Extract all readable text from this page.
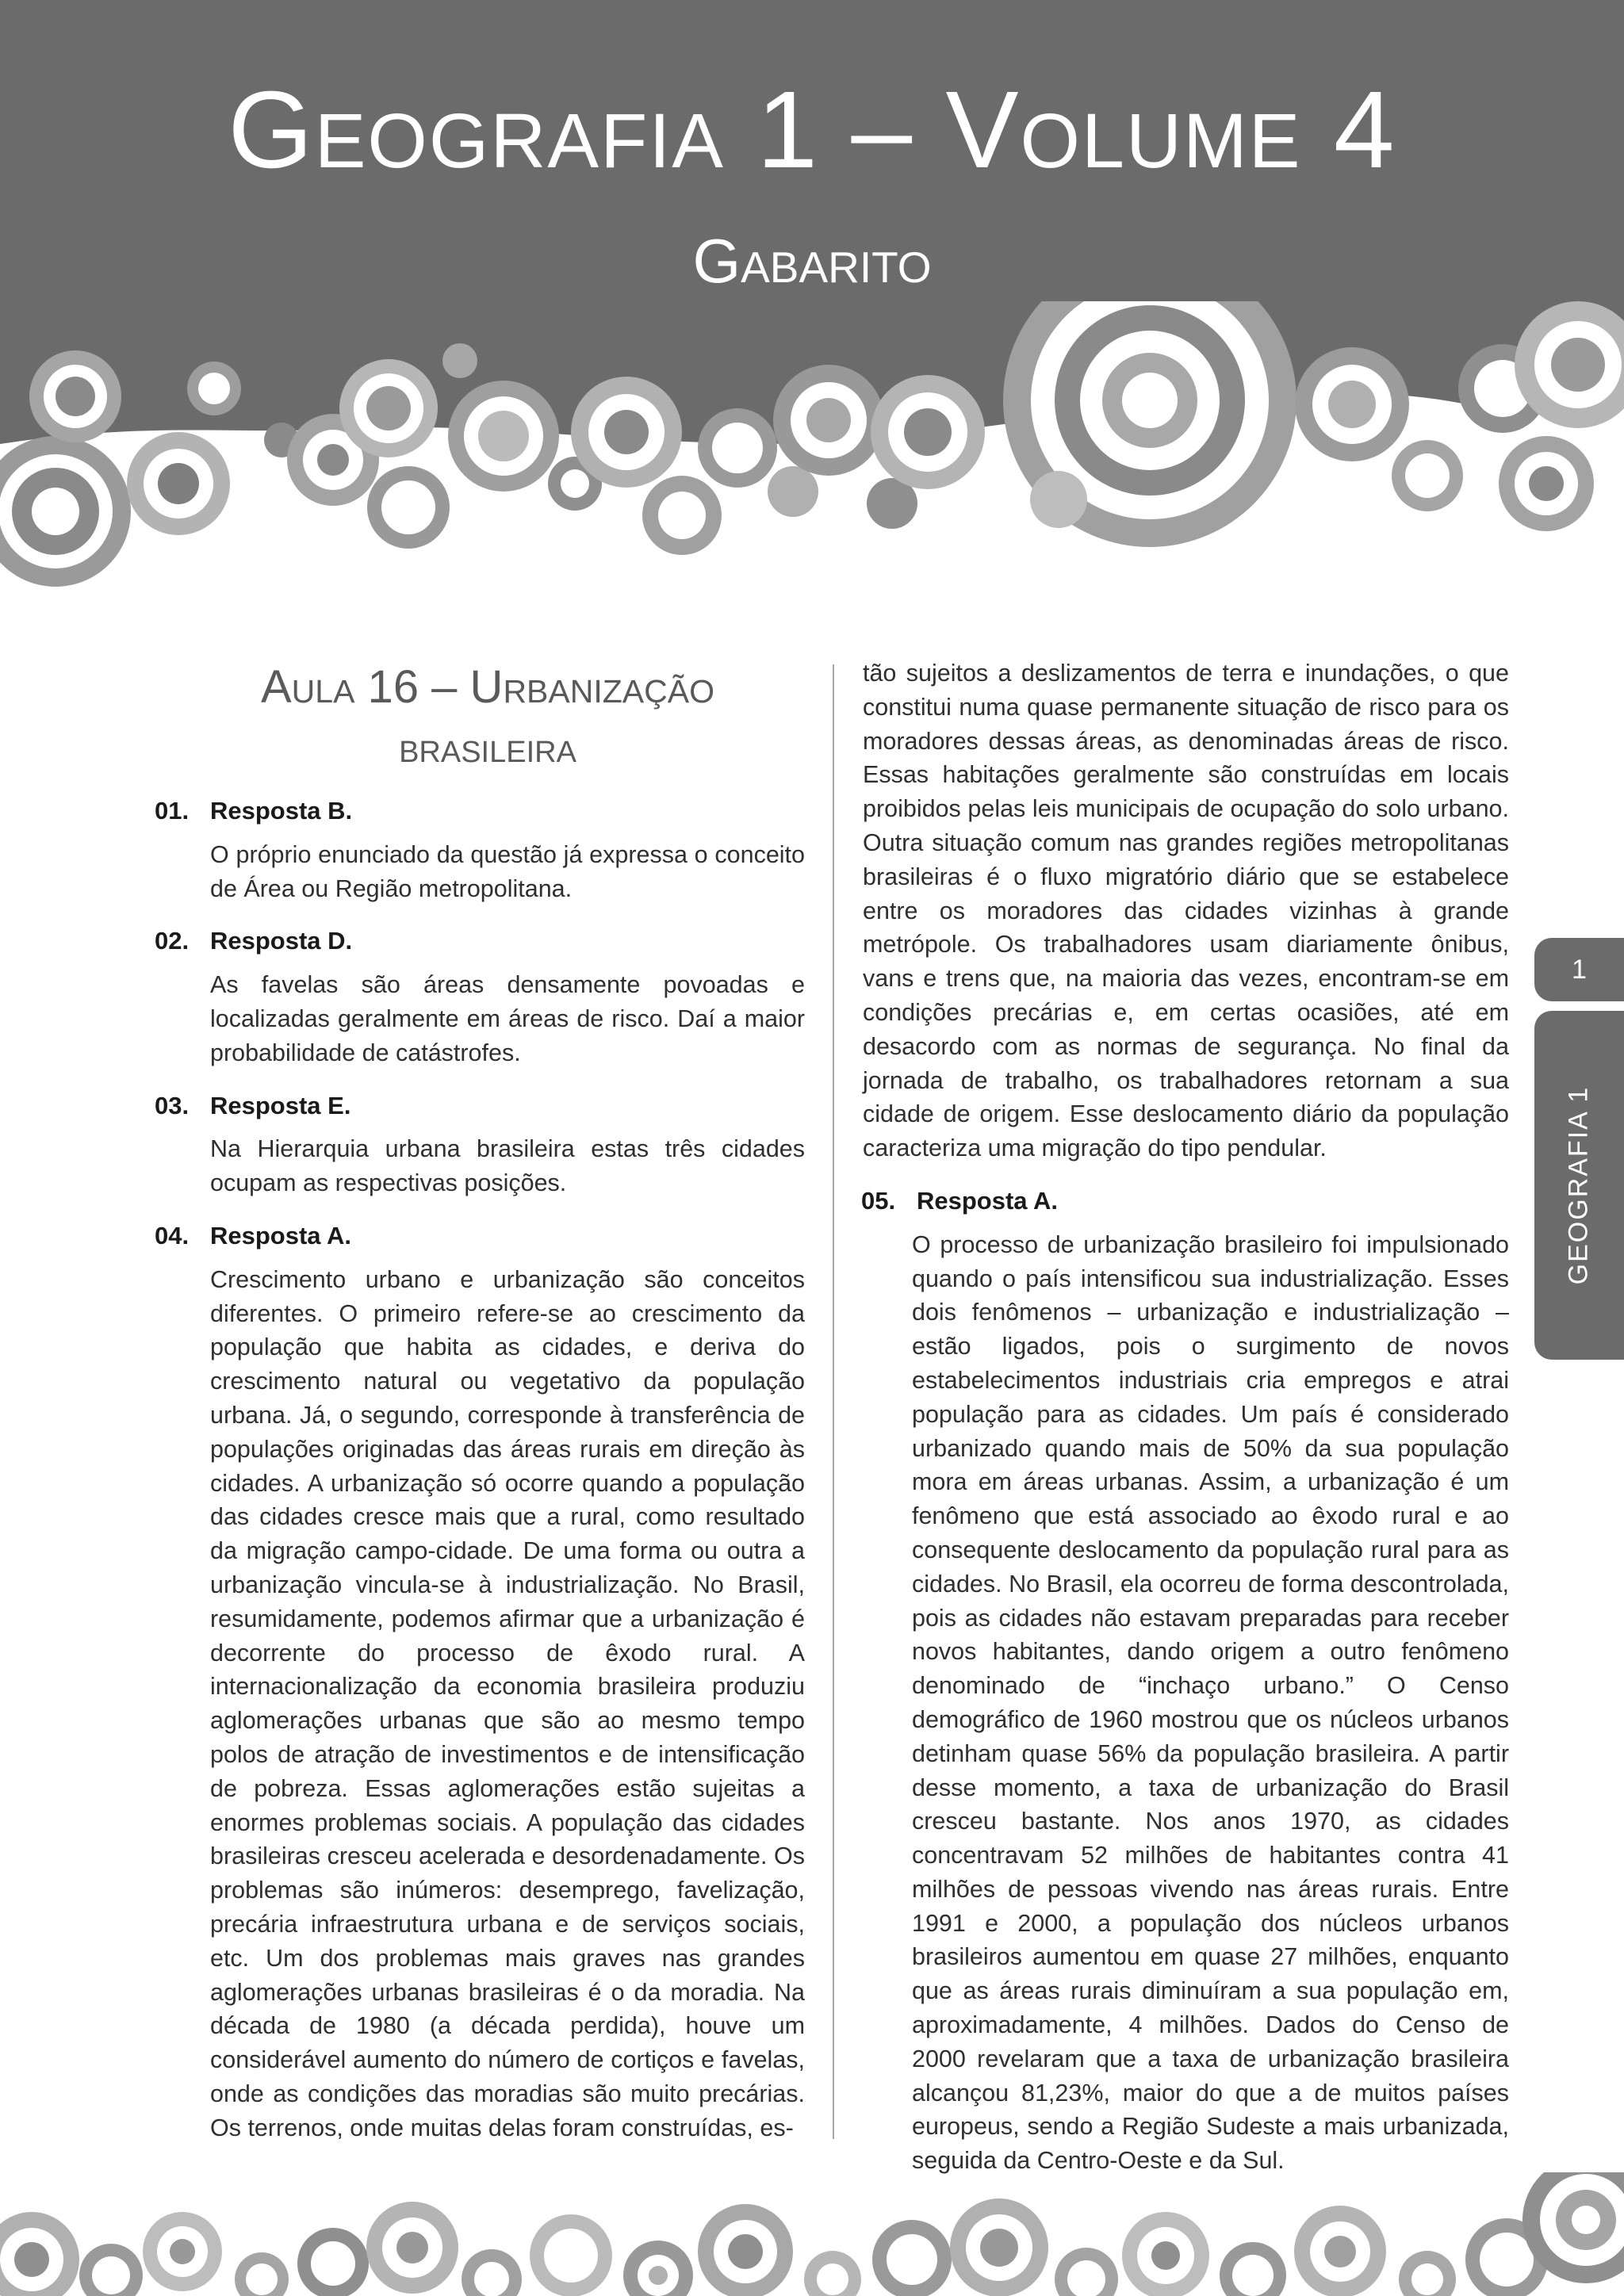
Geografia 1 – Volume 4
Gabarito
Aula 16 – Urbanização
BRASILEIRA
01. Resposta B.

O próprio enunciado da questão já expressa o conceito de Área ou Região metropolitana.

02. Resposta D.

As favelas são áreas densamente povoadas e localizadas geralmente em áreas de risco. Daí a maior probabilidade de catástrofes.

03. Resposta E.

Na Hierarquia urbana brasileira estas três cidades ocupam as respectivas posições.

04. Resposta A.

Crescimento urbano e urbanização são conceitos diferentes. O primeiro refere-se ao crescimento da população que habita as cidades, e deriva do crescimento natural ou vegetativo da população urbana. Já, o segundo, corresponde à transferência de populações originadas das áreas rurais em direção às cidades. A urbanização só ocorre quando a população das cidades cresce mais que a rural, como resultado da migração campo-cidade. De uma forma ou outra a urbanização vincula-se à industrialização. No Brasil, resumidamente, podemos afirmar que a urbanização é decorrente do processo de êxodo rural. A internacionalização da economia brasileira produziu aglomerações urbanas que são ao mesmo tempo polos de atração de investimentos e de intensificação de pobreza. Essas aglomerações estão sujeitas a enormes problemas sociais. A população das cidades brasileiras cresceu acelerada e desordenadamente. Os problemas são inúmeros: desemprego, favelização, precária infraestrutura urbana e de serviços sociais, etc. Um dos problemas mais graves nas grandes aglomerações urbanas brasileiras é o da moradia. Na década de 1980 (a década perdida), houve um considerável aumento do número de cortiços e favelas, onde as condições das moradias são muito precárias. Os terrenos, onde muitas delas foram construídas, es-

tão sujeitos a deslizamentos de terra e inundações, o que constitui numa quase permanente situação de risco para os moradores dessas áreas, as denominadas áreas de risco. Essas habitações geralmente são construídas em locais proibidos pelas leis municipais de ocupação do solo urbano. Outra situação comum nas grandes regiões metropolitanas brasileiras é o fluxo migratório diário que se estabelece entre os moradores das cidades vizinhas à grande metrópole. Os trabalhadores usam diariamente ônibus, vans e trens que, na maioria das vezes, encontram-se em condições precárias e, em certas ocasiões, até em desacordo com as normas de segurança. No final da jornada de trabalho, os trabalhadores retornam a sua cidade de origem. Esse deslocamento diário da população caracteriza uma migração do tipo pendular.

05. Resposta A.

O processo de urbanização brasileiro foi impulsionado quando o país intensificou sua industrialização. Esses dois fenômenos – urbanização e industrialização – estão ligados, pois o surgimento de novos estabelecimentos industriais cria empregos e atrai população para as cidades. Um país é considerado urbanizado quando mais de 50% da sua população mora em áreas urbanas. Assim, a urbanização é um fenômeno que está associado ao êxodo rural e ao consequente deslocamento da população rural para as cidades. No Brasil, ela ocorreu de forma descontrolada, pois as cidades não estavam preparadas para receber novos habitantes, dando origem a outro fenômeno denominado de “inchaço urbano.” O Censo demográfico de 1960 mostrou que os núcleos urbanos detinham quase 56% da população brasileira. A partir desse momento, a taxa de urbanização do Brasil cresceu bastante. Nos anos 1970, as cidades concentravam 52 milhões de habitantes contra 41 milhões de pessoas vivendo nas áreas rurais. Entre 1991 e 2000, a população dos núcleos urbanos brasileiros aumentou em quase 27 milhões, enquanto que as áreas rurais diminuíram a sua população em, aproximadamente, 4 milhões. Dados do Censo de 2000 revelaram que a taxa de urbanização brasileira alcançou 81,23%, maior do que a de muitos países europeus, sendo a Região Sudeste a mais urbanizada, seguida da Centro-Oeste e da Sul.

1
GEOGRAFIA 1
